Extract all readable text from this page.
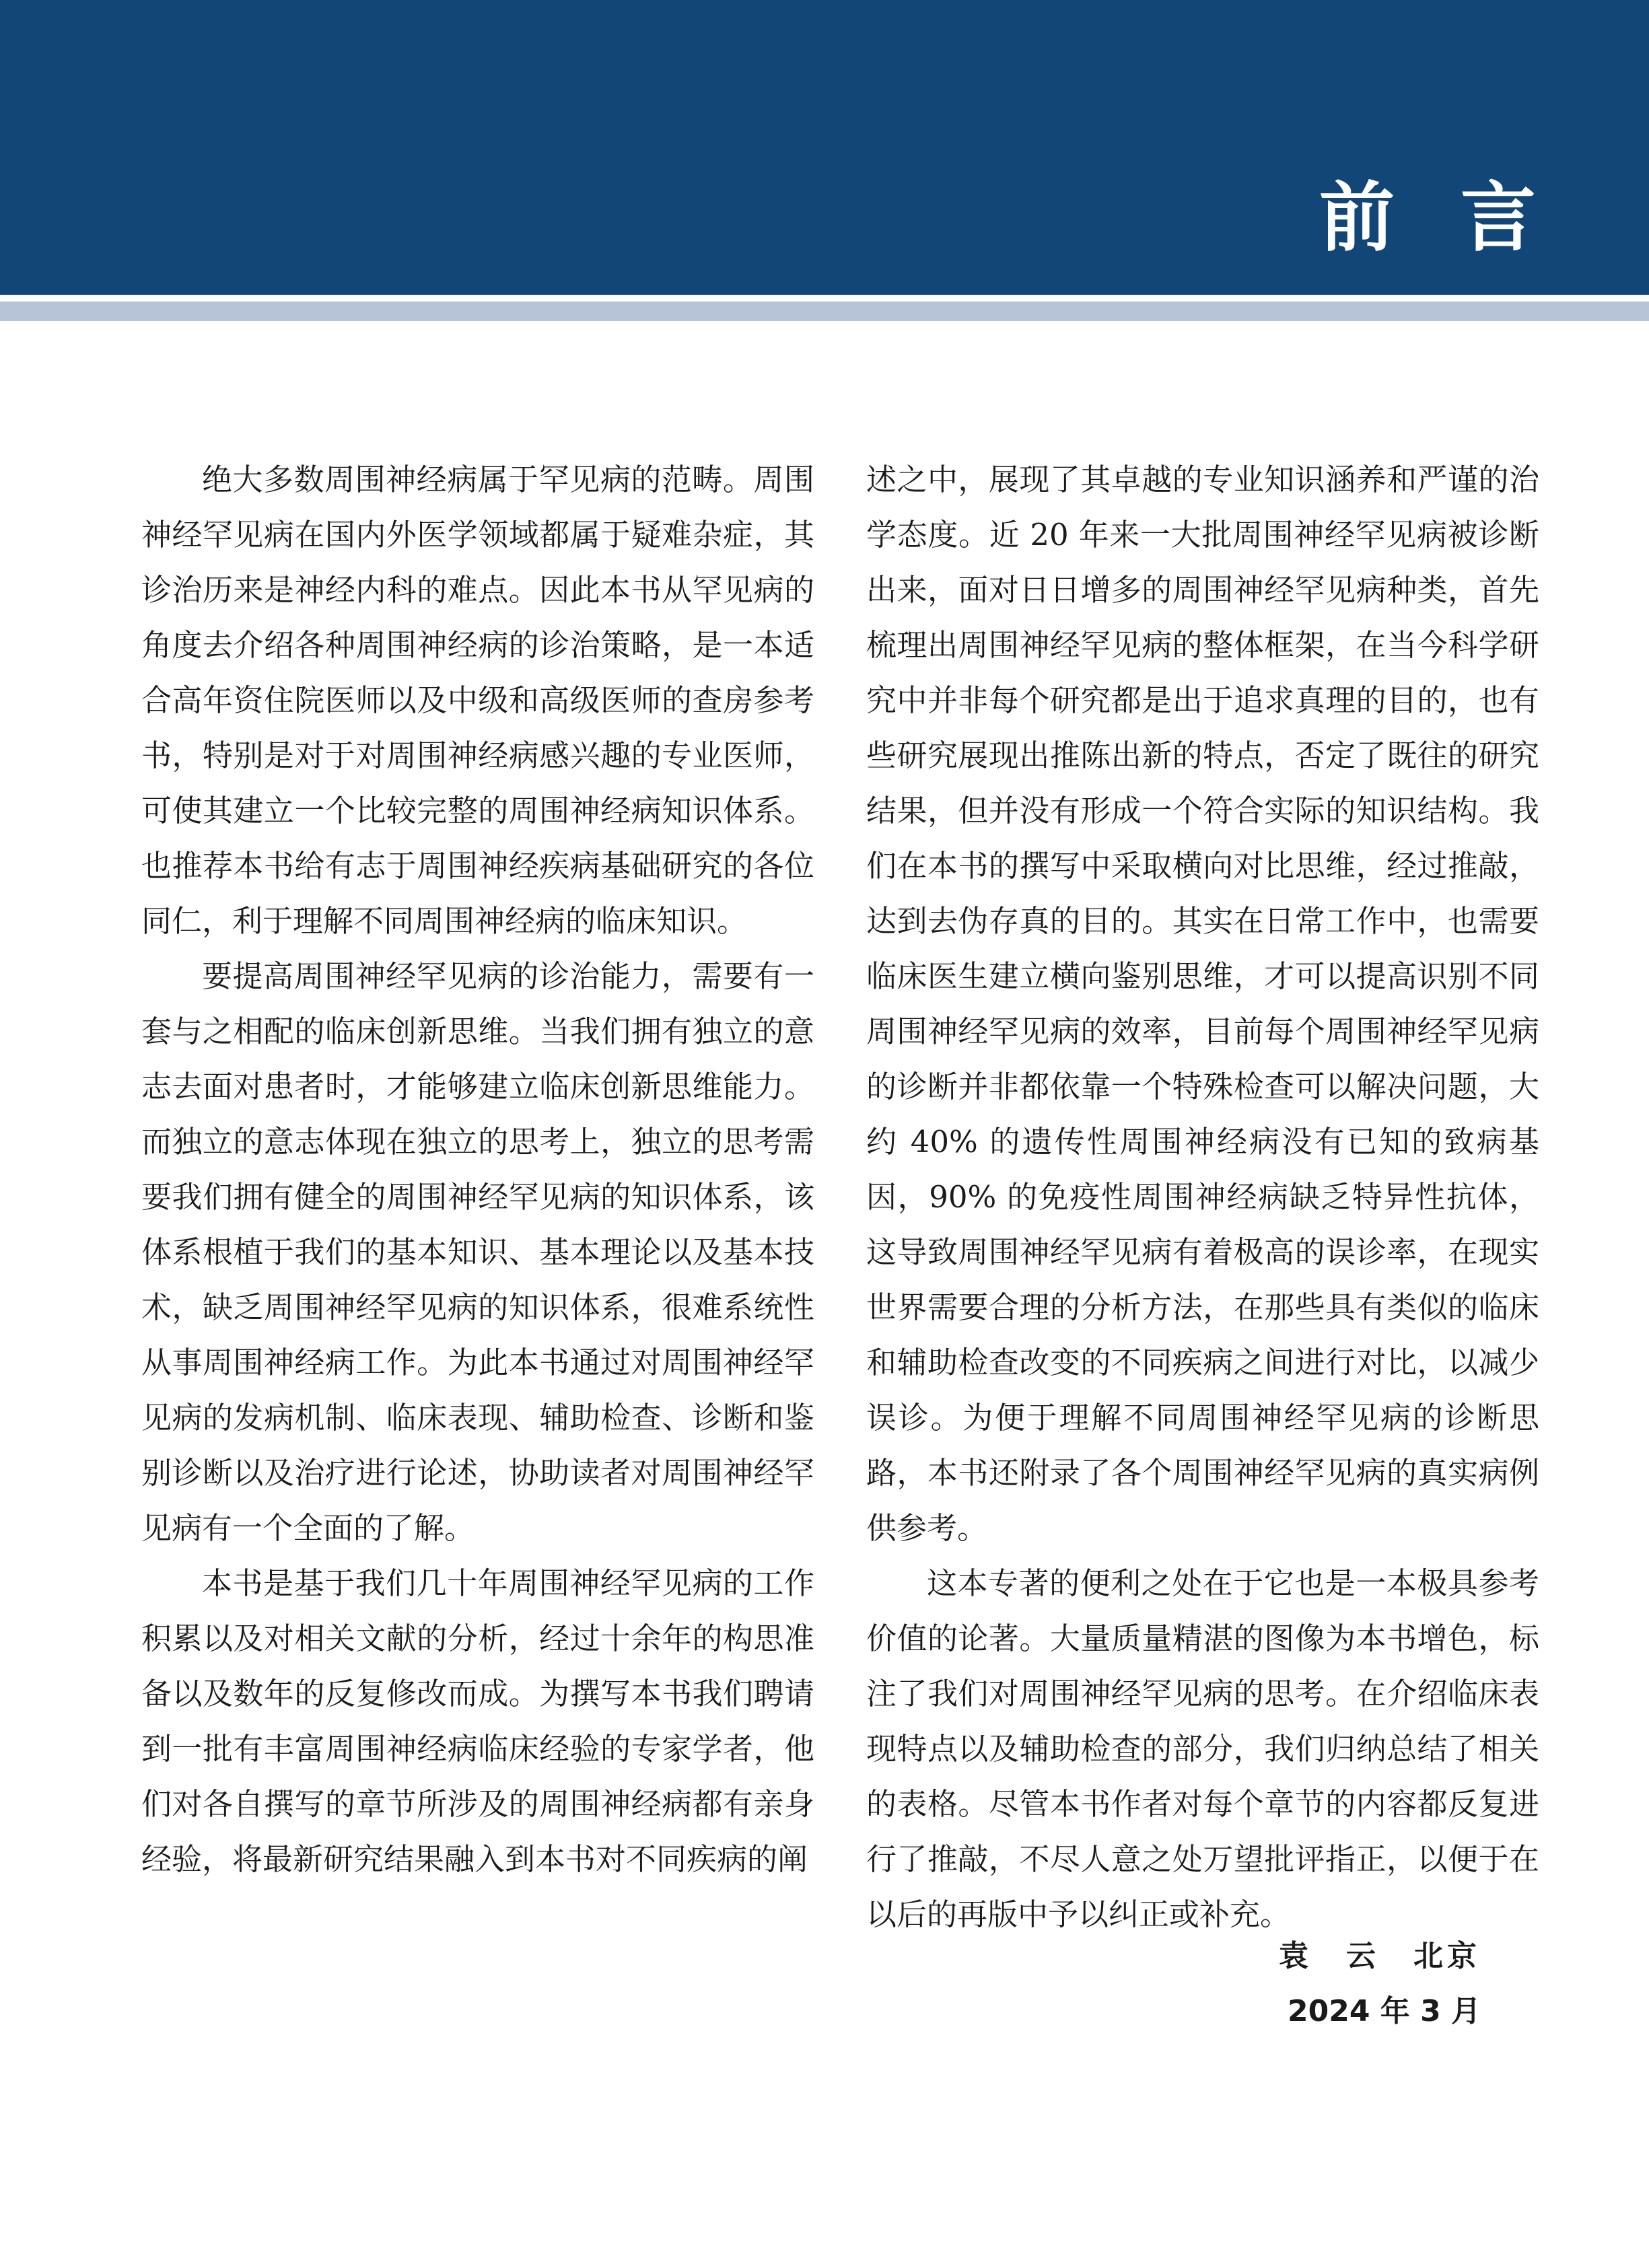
前言

绝大多数周围神经病属于罕见病的范畴。周围神经罕见病在国内外医学领域都属于疑难杂症，其诊治历来是神经内科的难点。因此本书从罕见病的角度去介绍各种周围神经病的诊治策略，是一本适合高年资住院医师以及中级和高级医师的查房参考书，特别是对于对周围神经病感兴趣的专业医师，可使其建立一个比较完整的周围神经病知识体系。也推荐本书给有志于周围神经疾病基础研究的各位同仁，利于理解不同周围神经病的临床知识。

要提高周围神经罕见病的诊治能力，需要有一套与之相配的临床创新思维。当我们拥有独立的意志去面对患者时，才能够建立临床创新思维能力。而独立的意志体现在独立的思考上，独立的思考需要我们拥有健全的周围神经罕见病的知识体系，该体系根植于我们的基本知识、基本理论以及基本技术，缺乏周围神经罕见病的知识体系，很难系统性从事周围神经病工作。为此本书通过对周围神经罕见病的发病机制、临床表现、辅助检查、诊断和鉴别诊断以及治疗进行论述，协助读者对周围神经罕见病有一个全面的了解。

本书是基于我们几十年周围神经罕见病的工作积累以及对相关文献的分析，经过十余年的构思准备以及数年的反复修改而成。为撰写本书我们聘请到一批有丰富周围神经病临床经验的专家学者，他们对各自撰写的章节所涉及的周围神经病都有亲身经验，将最新研究结果融入到本书对不同疾病的阐

述之中，展现了其卓越的专业知识涵养和严谨的治学态度。近 20 年来一大批周围神经罕见病被诊断出来，面对日日增多的周围神经罕见病种类，首先梳理出周围神经罕见病的整体框架，在当今科学研究中并非每个研究都是出于追求真理的目的，也有些研究展现出推陈出新的特点，否定了既往的研究结果，但并没有形成一个符合实际的知识结构。我们在本书的撰写中采取横向对比思维，经过推敲，达到去伪存真的目的。其实在日常工作中，也需要临床医生建立横向鉴别思维，才可以提高识别不同周围神经罕见病的效率，目前每个周围神经罕见病的诊断并非都依靠一个特殊检查可以解决问题，大约 40% 的遗传性周围神经病没有已知的致病基因，90% 的免疫性周围神经病缺乏特异性抗体，这导致周围神经罕见病有着极高的误诊率，在现实世界需要合理的分析方法，在那些具有类似的临床和辅助检查改变的不同疾病之间进行对比，以减少误诊。为便于理解不同周围神经罕见病的诊断思路，本书还附录了各个周围神经罕见病的真实病例供参考。

这本专著的便利之处在于它也是一本极具参考价值的论著。大量质量精湛的图像为本书增色，标注了我们对周围神经罕见病的思考。在介绍临床表现特点以及辅助检查的部分，我们归纳总结了相关的表格。尽管本书作者对每个章节的内容都反复进行了推敲，不尽人意之处万望批评指正，以便于在以后的再版中予以纠正或补充。

袁　云　北京
2024 年 3 月
